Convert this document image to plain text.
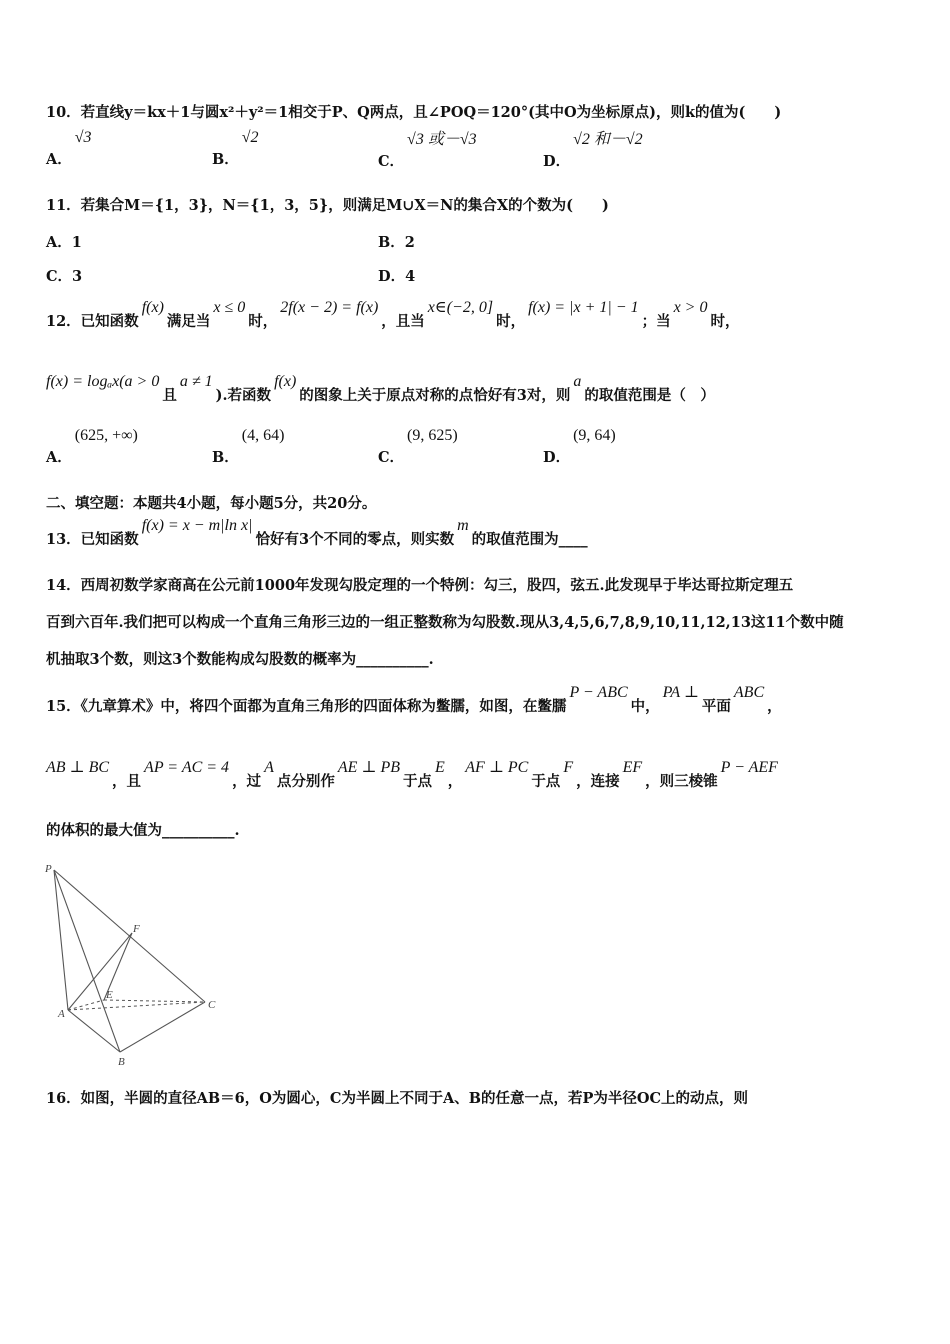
10．若直线y＝kx＋1与圆x²＋y²＝1相交于P、Q两点，且∠POQ＝120°(其中O为坐标原点)，则k的值为(　　)
A．√3
B．√2
C．√3 或－√3
D．√2 和－√2
11．若集合M＝{1，3}，N＝{1，3，5}，则满足M∪X＝N的集合X的个数为(　　)
A．1	B．2
C．3	D．4
12．已知函数f(x)满足当x ≤ 0时，2f(x − 2) = f(x)，且当x∈(−2, 0]时，f(x) = |x + 1| − 1；当x > 0时，
f(x) = logₐx(a > 0且a ≠ 1).若函数f(x)的图象上关于原点对称的点恰好有3对，则a的取值范围是（　）
A．(625, +∞)
B．(4, 64)
C．(9, 625)
D．(9, 64)
二、填空题：本题共4小题，每小题5分，共20分。
13．已知函数f(x) = x − m|ln x|恰好有3个不同的零点，则实数m的取值范围为____
14．西周初数学家商高在公元前1000年发现勾股定理的一个特例：勾三，股四，弦五.此发现早于毕达哥拉斯定理五
百到六百年.我们把可以构成一个直角三角形三边的一组正整数称为勾股数.现从3,4,5,6,7,8,9,10,11,12,13这11个数中随
机抽取3个数，则这3个数能构成勾股数的概率为__________.
15．《九章算术》中，将四个面都为直角三角形的四面体称为鳖臑，如图，在鳖臑P − ABC中，PA ⊥平面ABC，
AB ⊥ BC，且AP = AC = 4，过A点分别作AE ⊥ PB于点E，AF ⊥ PC于点F，连接EF，则三棱锥P − AEF
的体积的最大值为__________.
P
F
E
A
C
B
16．如图，半圆的直径AB＝6，O为圆心，C为半圆上不同于A、B的任意一点，若P为半径OC上的动点，则
